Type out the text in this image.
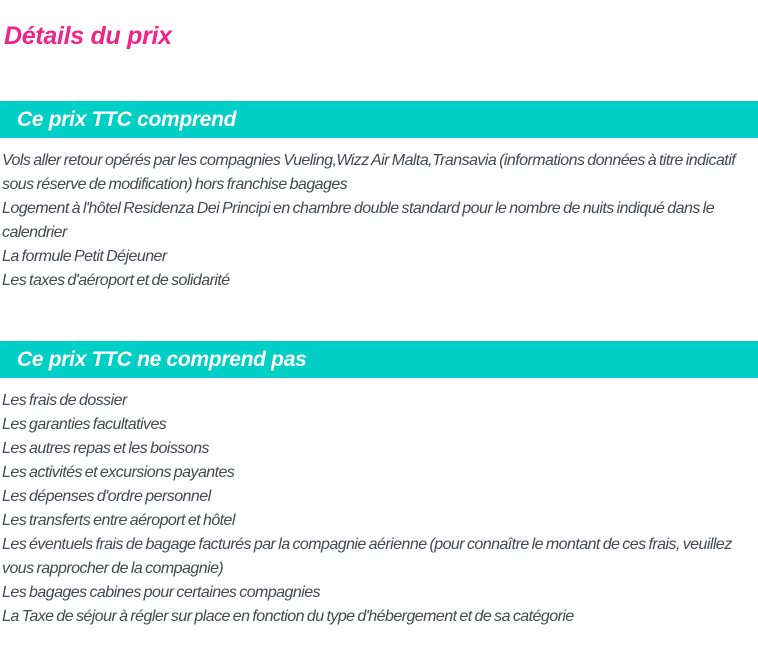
Détails du prix
Ce prix TTC comprend
Vols aller retour opérés par les compagnies Vueling,Wizz Air Malta,Transavia (informations données à titre indicatif sous réserve de modification) hors franchise bagages
Logement à l'hôtel Residenza Dei Principi en chambre double standard pour le nombre de nuits indiqué dans le calendrier
La formule Petit Déjeuner
Les taxes d'aéroport et de solidarité
Ce prix TTC ne comprend pas
Les frais de dossier
Les garanties facultatives
Les autres repas et les boissons
Les activités et excursions payantes
Les dépenses d'ordre personnel
Les transferts entre aéroport et hôtel
Les éventuels frais de bagage facturés par la compagnie aérienne (pour connaître le montant de ces frais, veuillez vous rapprocher de la compagnie)
Les bagages cabines pour certaines compagnies
La Taxe de séjour à régler sur place en fonction du type d'hébergement et de sa catégorie
